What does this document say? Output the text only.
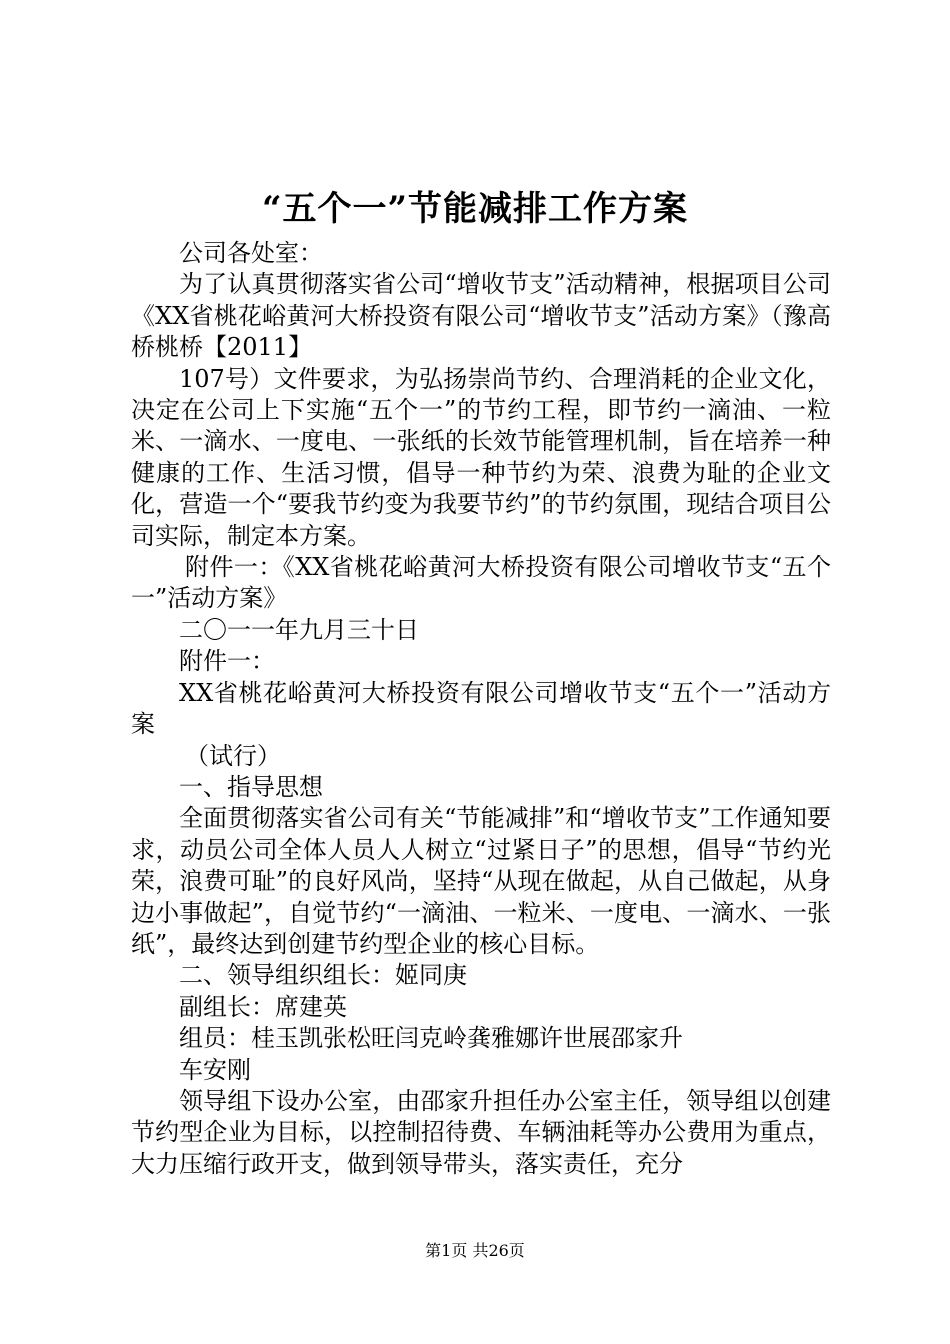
“五个一”节能减排工作方案

公司各处室：

为了认真贯彻落实省公司“增收节支”活动精神，根据项目公司《XX省桃花峪黄河大桥投资有限公司“增收节支”活动方案》（豫高桥桃桥【2011】

107号）文件要求，为弘扬崇尚节约、合理消耗的企业文化，决定在公司上下实施“五个一”的节约工程，即节约一滴油、一粒米、一滴水、一度电、一张纸的长效节能管理机制，旨在培养一种健康的工作、生活习惯，倡导一种节约为荣、浪费为耻的企业文化，营造一个“要我节约变为我要节约”的节约氛围，现结合项目公司实际，制定本方案。

附件一：《XX省桃花峪黄河大桥投资有限公司增收节支“五个一”活动方案》

二〇一一年九月三十日

附件一：

XX省桃花峪黄河大桥投资有限公司增收节支“五个一”活动方案

（试行）

一、指导思想

全面贯彻落实省公司有关“节能减排”和“增收节支”工作通知要求，动员公司全体人员人人树立“过紧日子”的思想，倡导“节约光荣，浪费可耻”的良好风尚，坚持“从现在做起，从自己做起，从身边小事做起”，自觉节约“一滴油、一粒米、一度电、一滴水、一张纸”，最终达到创建节约型企业的核心目标。

二、领导组织组长：姬同庚

副组长：席建英

组员：桂玉凯张松旺闫克岭龚雅娜许世展邵家升

车安刚

领导组下设办公室，由邵家升担任办公室主任，领导组以创建节约型企业为目标，以控制招待费、车辆油耗等办公费用为重点，大力压缩行政开支，做到领导带头，落实责任，充分

第1页 共26页
